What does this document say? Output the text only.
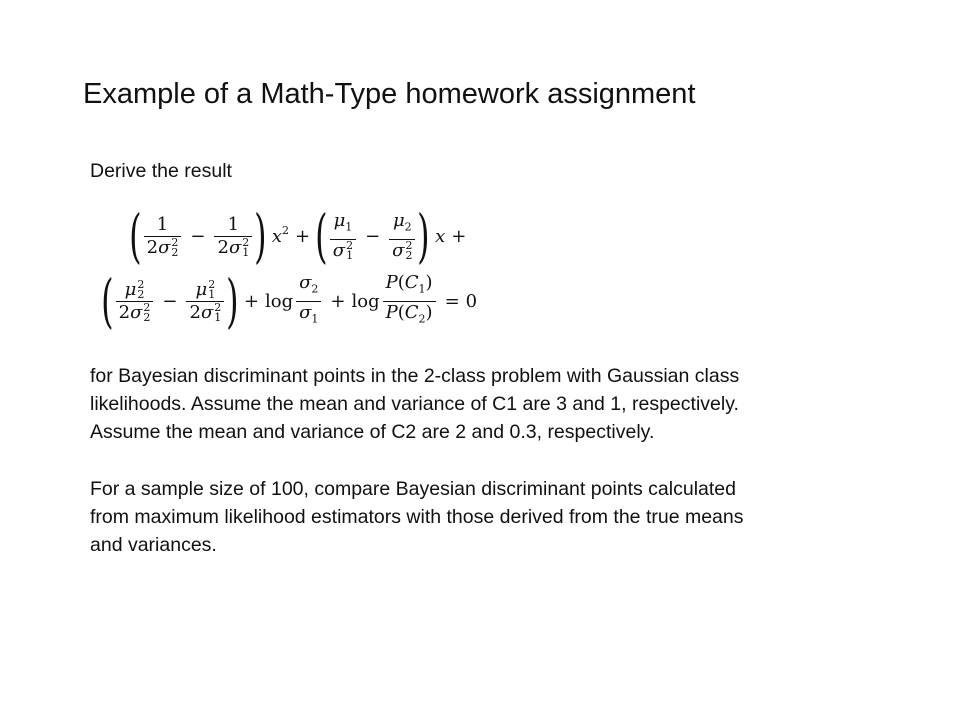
Example of a Math-Type homework assignment
Derive the result
( 1
2σ 2
2 − 1
2σ 2
1 ) $x^2$ + ( $\mu_1$
σ 2
$1 - \mu_2$
σ 2
2 ) x +
( μ 2
2
2σ 2
2 − μ 2
1
2σ 2
1 ) + $\log \frac{\sigma_2}{\sigma_1} + \log \frac{P(C_1)}{P(C_2)} = 0$

for Bayesian discriminant points in the 2-class problem with Gaussian class
likelihoods. Assume the mean and variance of C1 are 3 and 1, respectively.
Assume the mean and variance of C2 are 2 and 0.3, respectively.

For a sample size of 100, compare Bayesian discriminant points calculated
from maximum likelihood estimators with those derived from the true means
and variances.
